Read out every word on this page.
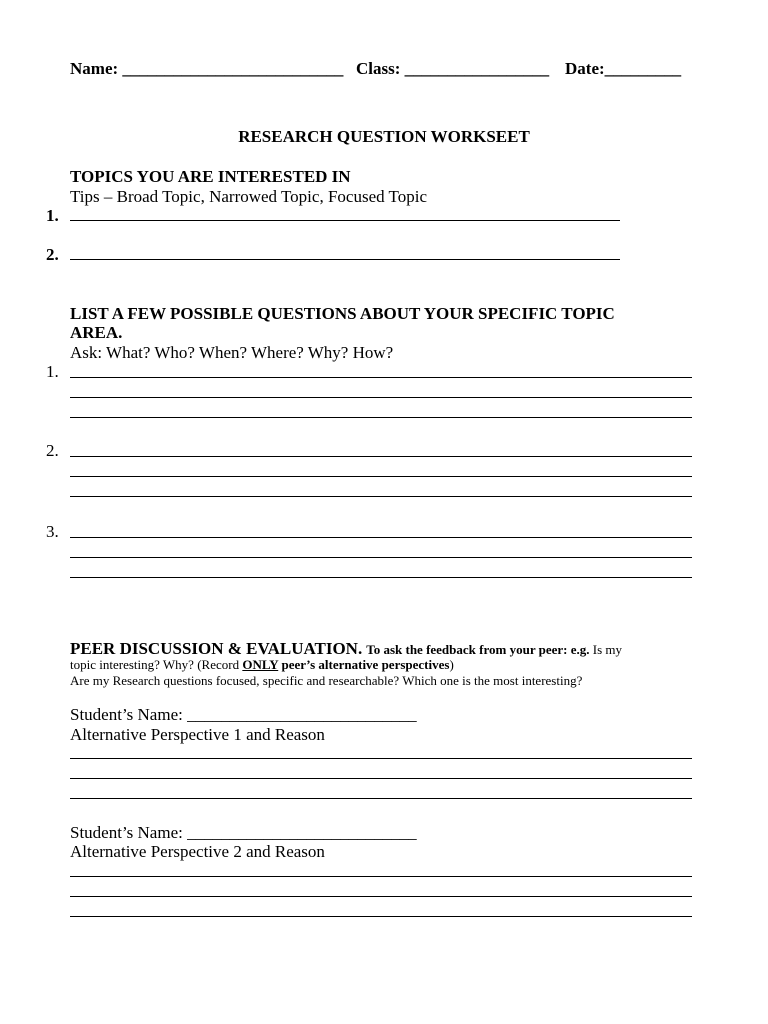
Name: __________________________ Class: _________________ Date:_________
RESEARCH QUESTION WORKSEET
TOPICS YOU ARE INTERESTED IN
Tips – Broad Topic, Narrowed Topic, Focused Topic
1.
2.
LIST A FEW POSSIBLE QUESTIONS ABOUT YOUR SPECIFIC TOPIC
AREA.
Ask: What? Who? When? Where? Why? How?
1.
2.
3.
PEER DISCUSSION & EVALUATION. To ask the feedback from your peer: e.g. Is my
topic interesting? Why? (Record ONLY peer’s alternative perspectives)
Are my Research questions focused, specific and researchable? Which one is the most interesting?
Student’s Name: ___________________________
Alternative Perspective 1 and Reason
Student’s Name: ___________________________
Alternative Perspective 2 and Reason
